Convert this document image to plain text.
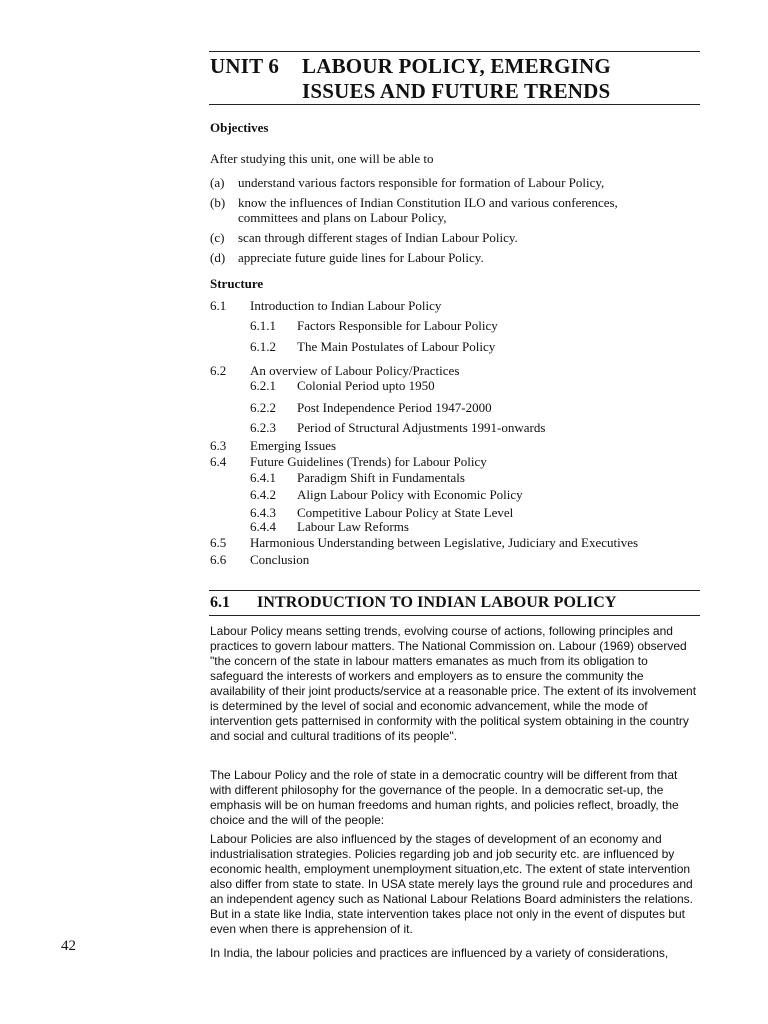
42
UNIT 6 LABOUR POLICY, EMERGING
ISSUES AND FUTURE TRENDS
Objectives
After studying this unit, one will be able to
(a)	understand various factors responsible for formation of Labour Policy,
(b) know the influences of Indian Constitution ILO and various conferences, committees and plans on Labour Policy,
(c)	scan through different stages of Indian Labour Policy.
(d) appreciate future guide lines for Labour Policy.
Structure
6.1 Introduction to Indian Labour Policy
6.1.1 Factors Responsible for Labour Policy
6.1.2 The Main Postulates of Labour Policy
6.2 An overview of Labour Policy/Practices
6.2.1 Colonial Period upto 1950
6.2.2 Post Independence Period 1947-2000
6.2.3 Period of Structural Adjustments 1991-onwards
6.3 Emerging Issues
6.4 Future Guidelines (Trends) for Labour Policy
6.4.1 Paradigm Shift in Fundamentals
6.4.2 Align Labour Policy with Economic Policy
6.4.3 Competitive Labour Policy at State Level
6.4.4 Labour Law Reforms
6.5 Harmonious Understanding between Legislative, Judiciary and Executives
6.6 Conclusion
6.1 INTRODUCTION TO INDIAN LABOUR POLICY
Labour Policy means setting trends, evolving course of actions, following principles and practices to govern labour matters. The National Commission on. Labour (1969) observed "the concern of the state in labour matters emanates as much from its obligation to safeguard the interests of workers and employers as to ensure the community the availability of their joint products/service at a reasonable price. The extent of its involvement is determined by the level of social and economic advancement, while the mode of intervention gets patternised in conformity with the political system obtaining in the country and social and cultural traditions of its people".
The Labour Policy and the role of state in a democratic country will be different from that with different philosophy for the governance of the people. In a democratic set-up, the emphasis will be on human freedoms and human rights, and policies reflect, broadly, the choice and the will of the people:
Labour Policies are also influenced by the stages of development of an economy and industrialisation strategies. Policies regarding job and job security etc. are influenced by economic health, employment unemployment situation,etc. The extent of state intervention also differ from state to state. In USA state merely lays the ground rule and procedures and an independent agency such as National Labour Relations Board administers the relations. But in a state like India, state intervention takes place not only in the event of disputes but even when there is apprehension of it.
In India, the labour policies and practices are influenced by a variety of considerations,
